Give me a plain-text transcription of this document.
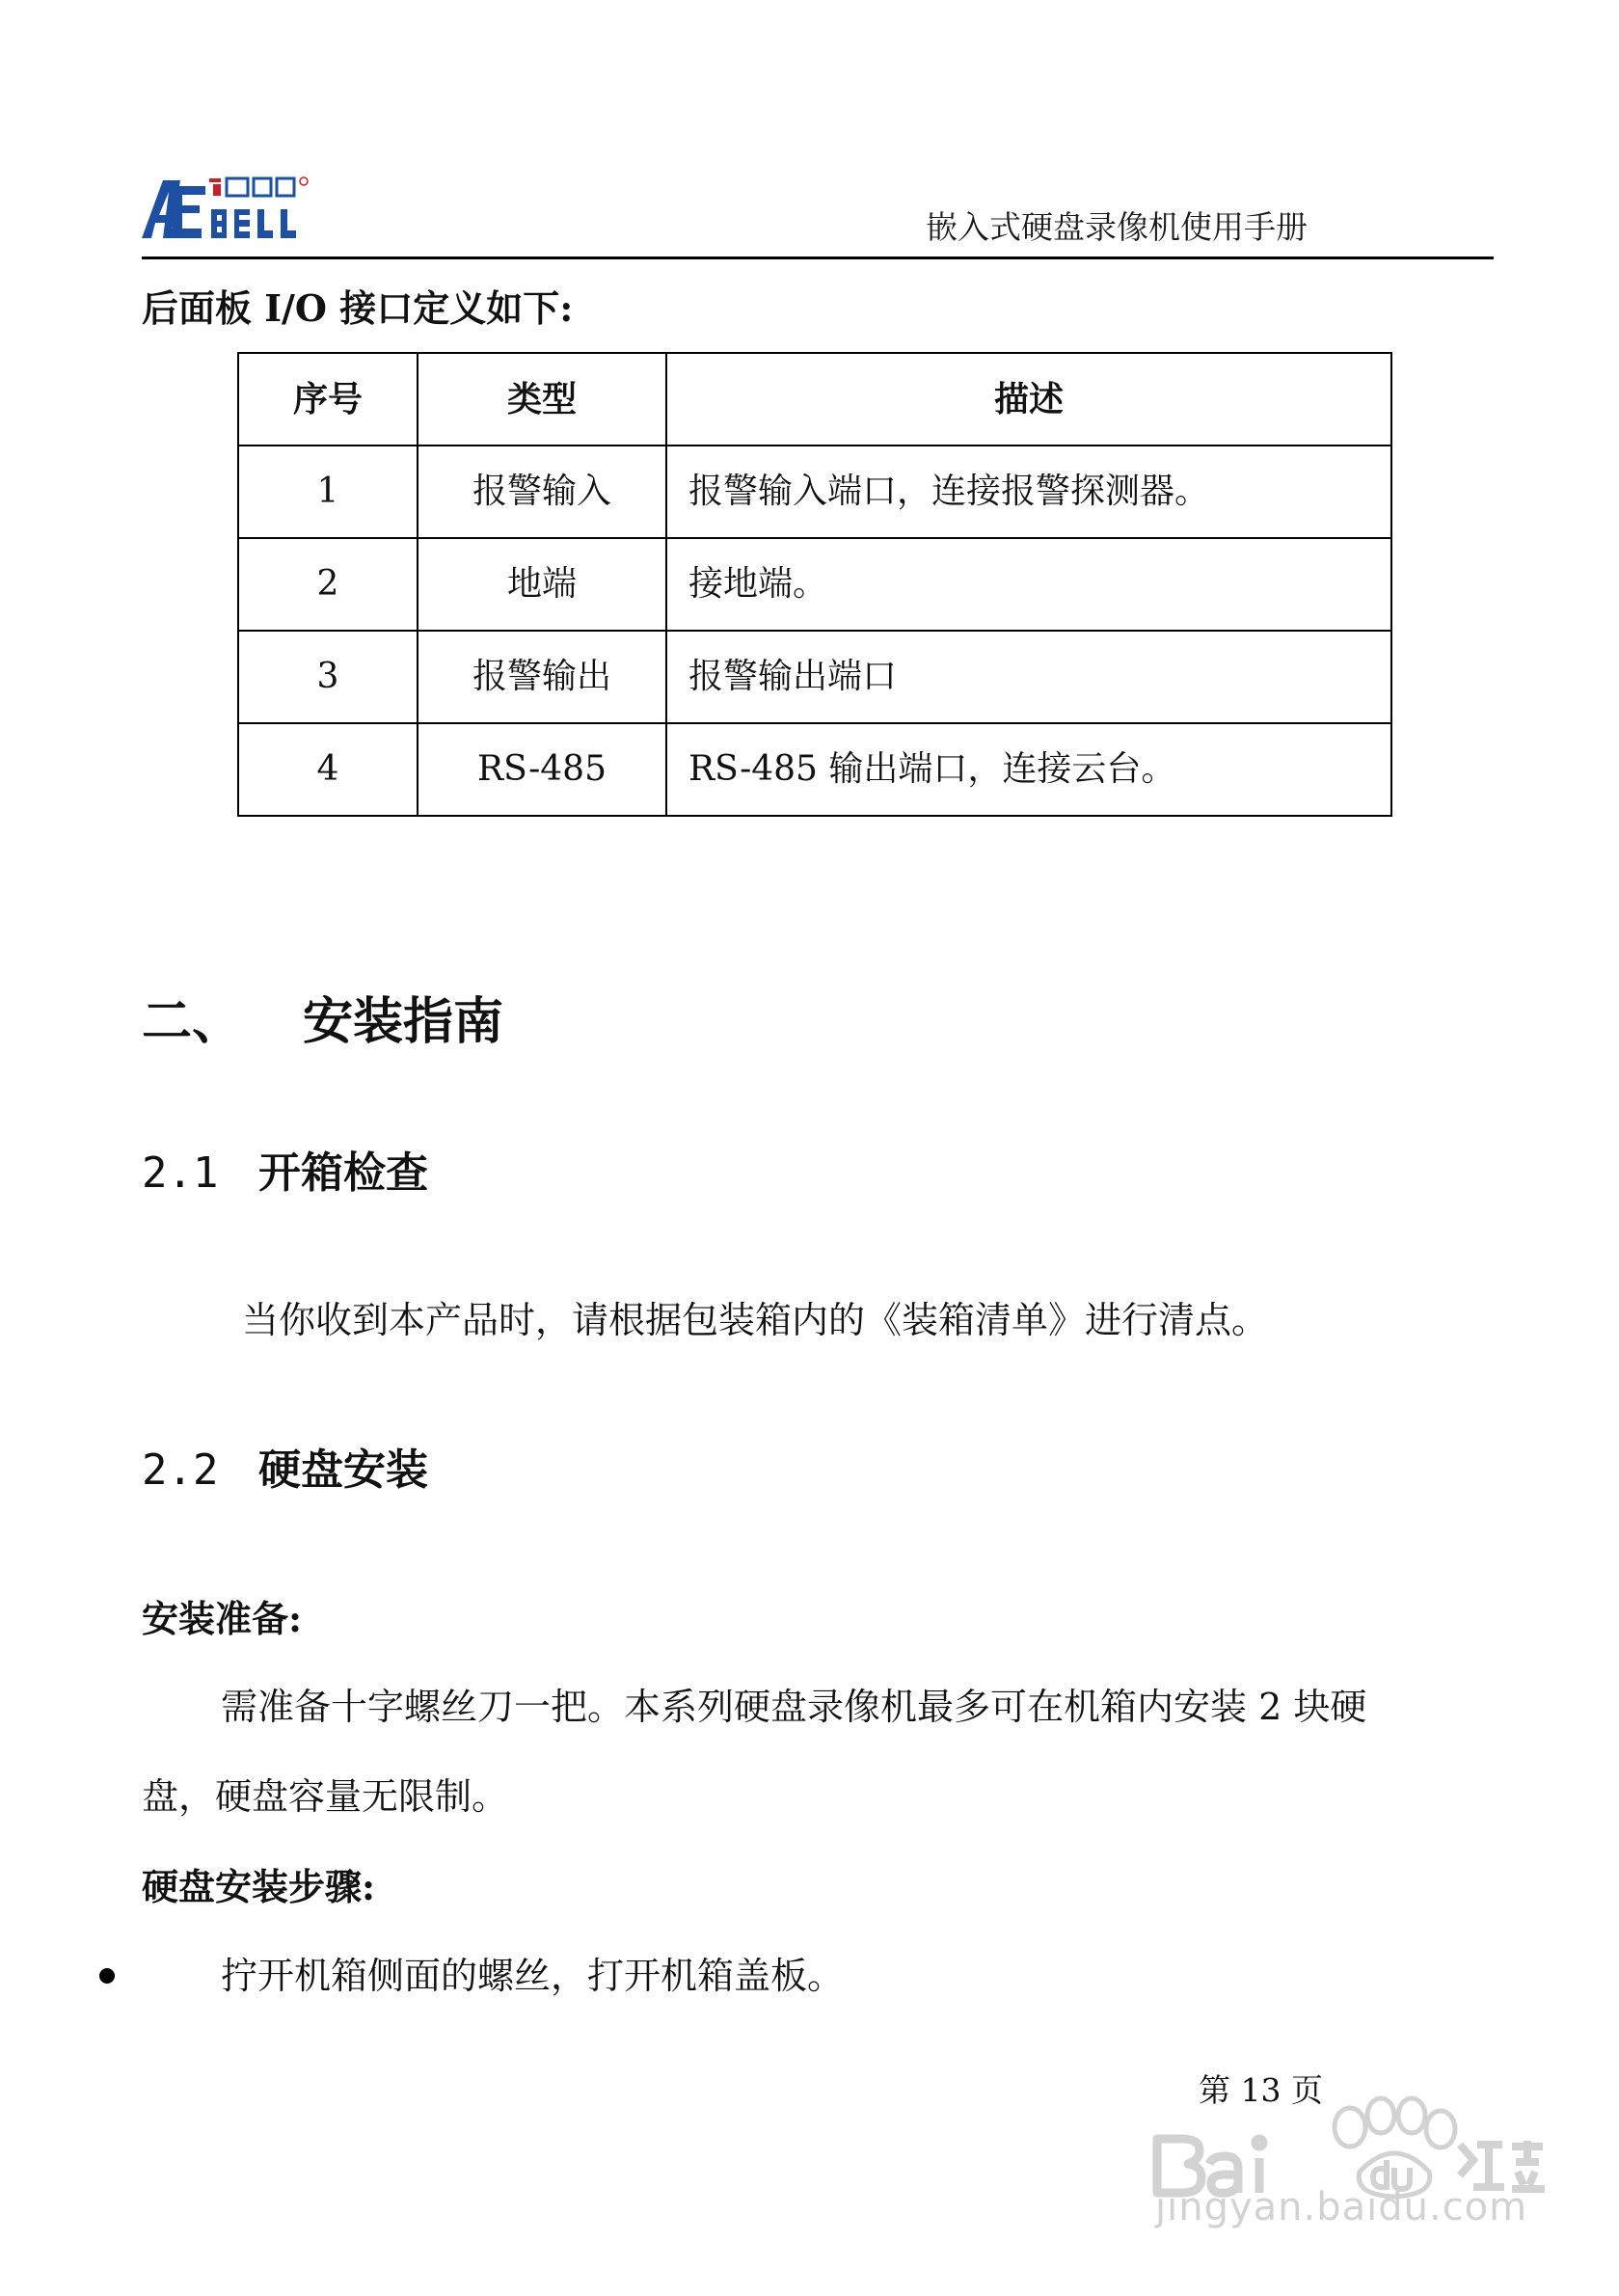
嵌入式硬盘录像机使用手册
后面板 I/O 接口定义如下:
序号	类型	描述
1	报警输入	报警输入端口，连接报警探测器。
2	地端	接地端。
3	报警输出	报警输出端口
4	RS-485	RS-485 输出端口，连接云台。
二、 安装指南
2.1 开箱检查
当你收到本产品时，请根据包装箱内的《装箱清单》进行清点。
2.2 硬盘安装
安装准备:
需准备十字螺丝刀一把。本系列硬盘录像机最多可在机箱内安装 2 块硬
盘，硬盘容量无限制。
硬盘安装步骤:
拧开机箱侧面的螺丝，打开机箱盖板。
第 13 页
jingyan.baidu.com
